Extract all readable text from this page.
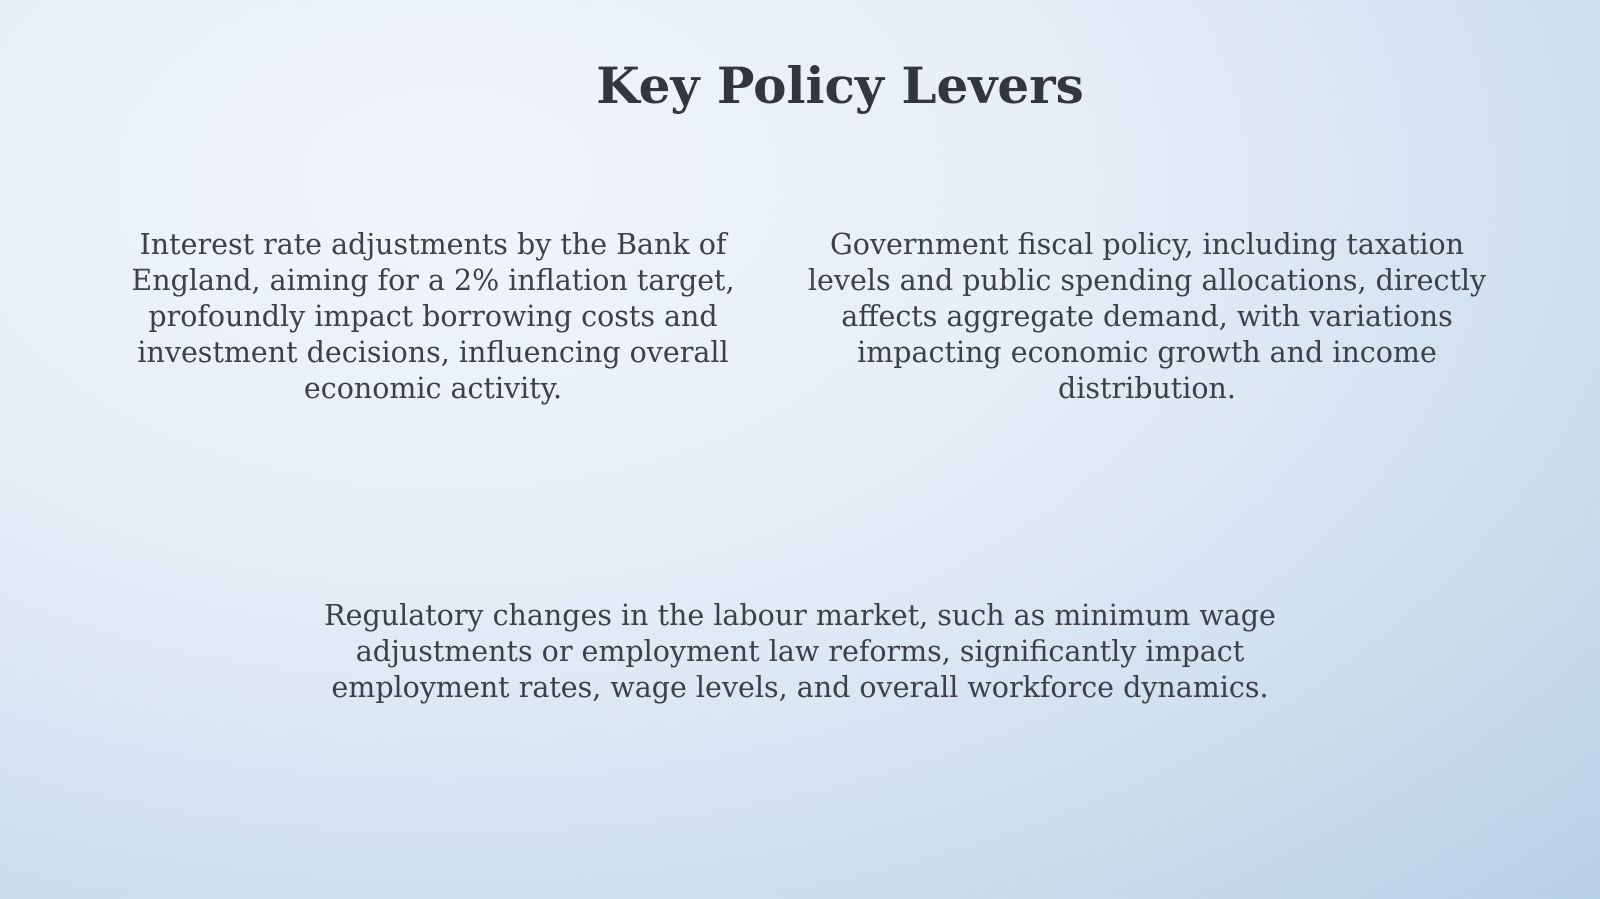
Key Policy Levers

Interest rate adjustments by the Bank of England, aiming for a 2% inflation target, profoundly impact borrowing costs and investment decisions, influencing overall economic activity.

Government fiscal policy, including taxation levels and public spending allocations, directly affects aggregate demand, with variations impacting economic growth and income distribution.

Regulatory changes in the labour market, such as minimum wage adjustments or employment law reforms, significantly impact employment rates, wage levels, and overall workforce dynamics.
